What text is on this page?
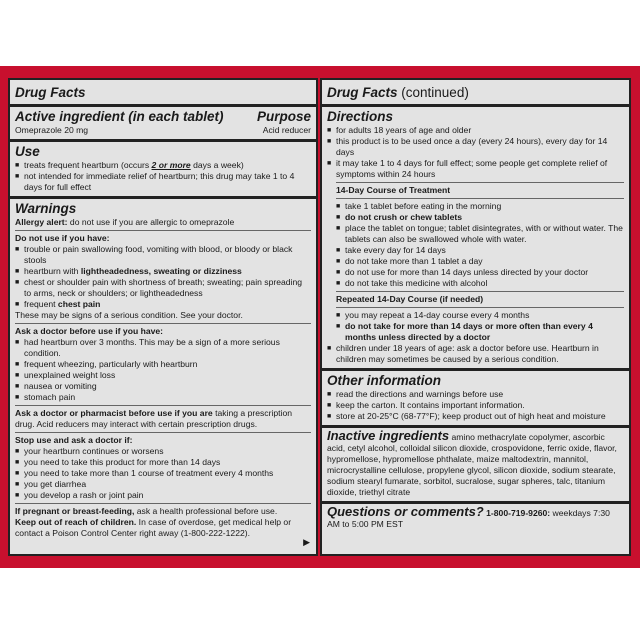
Drug Facts
Active ingredient (in each tablet) Purpose
Omeprazole 20 mg	Acid reducer
Use
■ treats frequent heartburn (occurs 2 or more days a week)
■ not intended for immediate relief of heartburn; this drug may take 1 to 4 days for full effect
Warnings
Allergy alert: do not use if you are allergic to omeprazole
Do not use if you have:
■ trouble or pain swallowing food, vomiting with blood, or bloody or black stools
■ heartburn with lightheadedness, sweating or dizziness
■ chest or shoulder pain with shortness of breath; sweating; pain spreading to arms, neck or shoulders; or lightheadedness
■ frequent chest pain
These may be signs of a serious condition. See your doctor.
Ask a doctor before use if you have:
■ had heartburn over 3 months. This may be a sign of a more serious condition.
■ frequent wheezing, particularly with heartburn
■ unexplained weight loss
■ nausea or vomiting
■ stomach pain
Ask a doctor or pharmacist before use if you are taking a prescription drug. Acid reducers may interact with certain prescription drugs.
Stop use and ask a doctor if:
■ your heartburn continues or worsens
■ you need to take this product for more than 14 days
■ you need to take more than 1 course of treatment every 4 months
■ you get diarrhea
■ you develop a rash or joint pain
If pregnant or breast-feeding, ask a health professional before use.
Keep out of reach of children. In case of overdose, get medical help or contact a Poison Control Center right away (1-800-222-1222).
▶
Drug Facts (continued)
Directions
■ for adults 18 years of age and older
■ this product is to be used once a day (every 24 hours), every day for 14 days
■ it may take 1 to 4 days for full effect; some people get complete relief of symptoms within 24 hours
14-Day Course of Treatment
■ take 1 tablet before eating in the morning
■ do not crush or chew tablets
■ place the tablet on tongue; tablet disintegrates, with or without water. The tablets can also be swallowed whole with water.
■ take every day for 14 days
■ do not take more than 1 tablet a day
■ do not use for more than 14 days unless directed by your doctor
■ do not take this medicine with alcohol
Repeated 14-Day Course (if needed)
■ you may repeat a 14-day course every 4 months
■ do not take for more than 14 days or more often than every 4 months unless directed by a doctor
■ children under 18 years of age: ask a doctor before use. Heartburn in children may sometimes be caused by a serious condition.
Other information
■ read the directions and warnings before use
■ keep the carton. It contains important information.
■ store at 20-25°C (68-77°F); keep product out of high heat and moisture
Inactive ingredients amino methacrylate copolymer, ascorbic acid, cetyl alcohol, colloidal silicon dioxide, crospovidone, ferric oxide, flavor, hypromellose, hypromellose phthalate, maize maltodextrin, mannitol, microcrystalline cellulose, propylene glycol, silicon dioxide, sodium stearate, sodium stearyl fumarate, sorbitol, sucralose, sugar spheres, talc, titanium dioxide, triethyl citrate
Questions or comments? 1-800-719-9260: weekdays 7:30 AM to 5:00 PM EST
